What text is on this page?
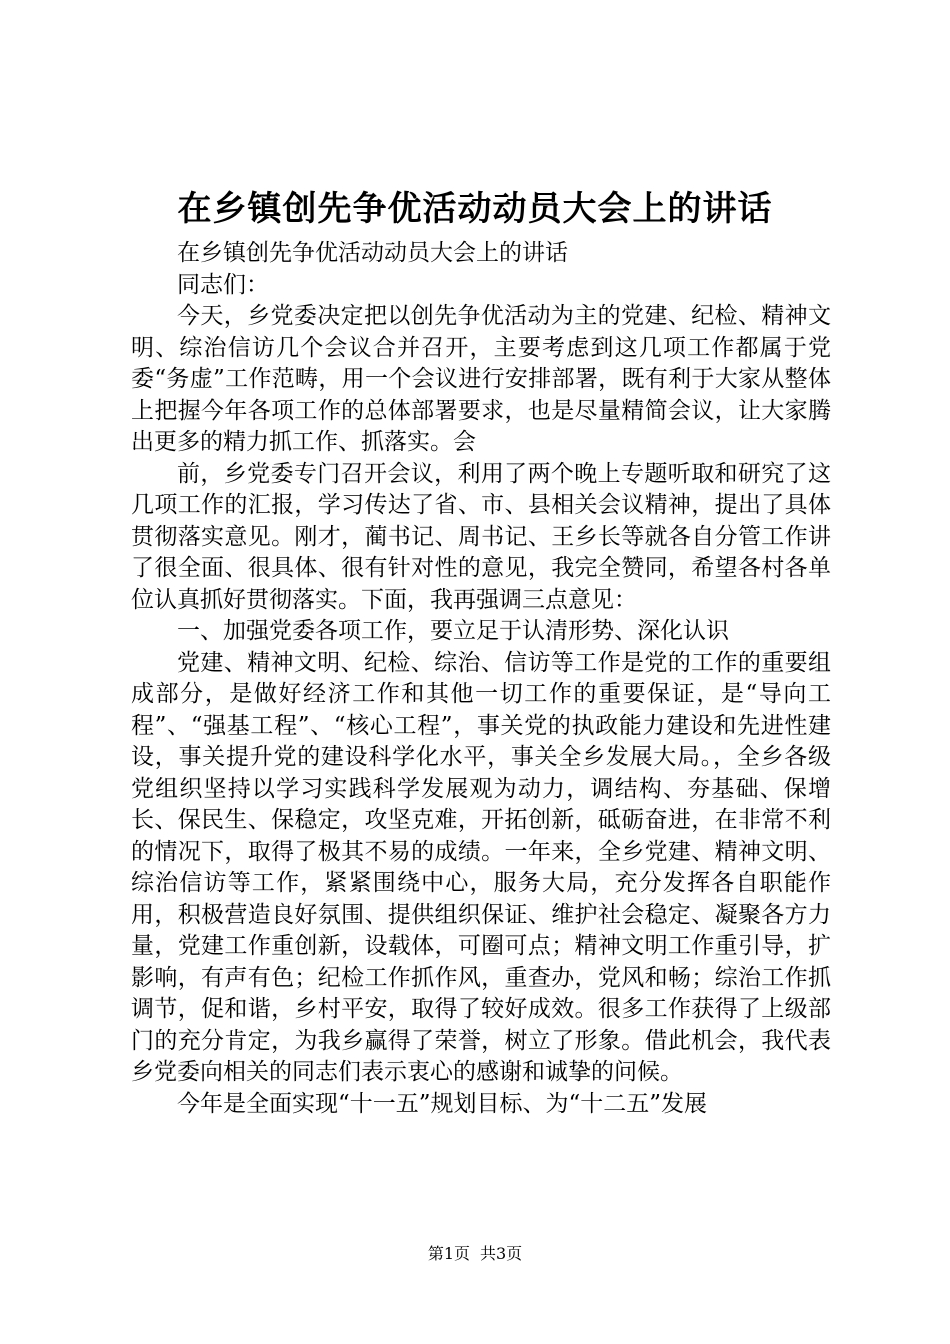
在乡镇创先争优活动动员大会上的讲话

在乡镇创先争优活动动员大会上的讲话

同志们：

今天，乡党委决定把以创先争优活动为主的党建、纪检、精神文明、综治信访几个会议合并召开，主要考虑到这几项工作都属于党委“务虚”工作范畴，用一个会议进行安排部署，既有利于大家从整体上把握今年各项工作的总体部署要求，也是尽量精简会议，让大家腾出更多的精力抓工作、抓落实。会

前，乡党委专门召开会议，利用了两个晚上专题听取和研究了这几项工作的汇报，学习传达了省、市、县相关会议精神，提出了具体贯彻落实意见。刚才，蔺书记、周书记、王乡长等就各自分管工作讲了很全面、很具体、很有针对性的意见，我完全赞同，希望各村各单位认真抓好贯彻落实。下面，我再强调三点意见：

一、加强党委各项工作，要立足于认清形势、深化认识

党建、精神文明、纪检、综治、信访等工作是党的工作的重要组成部分，是做好经济工作和其他一切工作的重要保证，是“导向工程”、“强基工程”、“核心工程”，事关党的执政能力建设和先进性建设，事关提升党的建设科学化水平，事关全乡发展大局。，全乡各级党组织坚持以学习实践科学发展观为动力，调结构、夯基础、保增长、保民生、保稳定，攻坚克难，开拓创新，砥砺奋进，在非常不利的情况下，取得了极其不易的成绩。一年来，全乡党建、精神文明、综治信访等工作，紧紧围绕中心，服务大局，充分发挥各自职能作用，积极营造良好氛围、提供组织保证、维护社会稳定、凝聚各方力量，党建工作重创新，设载体，可圈可点；精神文明工作重引导，扩影响，有声有色；纪检工作抓作风，重查办，党风和畅；综治工作抓调节，促和谐，乡村平安，取得了较好成效。很多工作获得了上级部门的充分肯定，为我乡赢得了荣誉，树立了形象。借此机会，我代表乡党委向相关的同志们表示衷心的感谢和诚挚的问候。

今年是全面实现“十一五”规划目标、为“十二五”发展

第1页 共3页
